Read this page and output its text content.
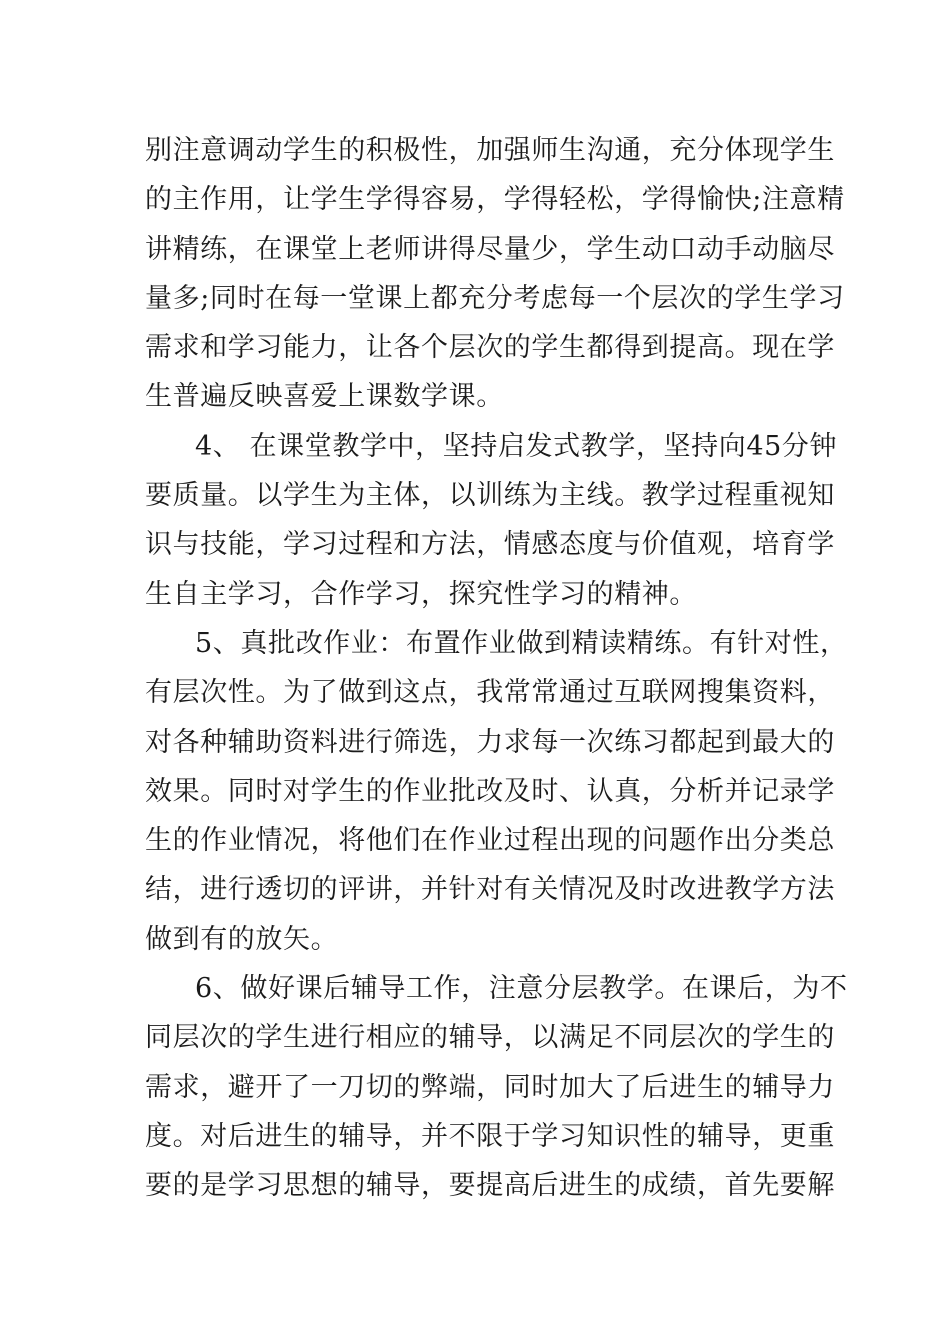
别注意调动学生的积极性，加强师生沟通，充分体现学生
的主作用，让学生学得容易，学得轻松，学得愉快;注意精
讲精练，在课堂上老师讲得尽量少，学生动口动手动脑尽
量多;同时在每一堂课上都充分考虑每一个层次的学生学习
需求和学习能力，让各个层次的学生都得到提高。现在学
生普遍反映喜爱上课数学课。
4、 在课堂教学中，坚持启发式教学，坚持向45分钟
要质量。以学生为主体，以训练为主线。教学过程重视知
识与技能，学习过程和方法，情感态度与价值观，培育学
生自主学习，合作学习，探究性学习的精神。
5、真批改作业：布置作业做到精读精练。有针对性，
有层次性。为了做到这点，我常常通过互联网搜集资料，
对各种辅助资料进行筛选，力求每一次练习都起到最大的
效果。同时对学生的作业批改及时、认真，分析并记录学
生的作业情况，将他们在作业过程出现的问题作出分类总
结，进行透切的评讲，并针对有关情况及时改进教学方法
做到有的放矢。
6、做好课后辅导工作，注意分层教学。在课后，为不
同层次的学生进行相应的辅导，以满足不同层次的学生的
需求，避开了一刀切的弊端，同时加大了后进生的辅导力
度。对后进生的辅导，并不限于学习知识性的辅导，更重
要的是学习思想的辅导，要提高后进生的成绩，首先要解
